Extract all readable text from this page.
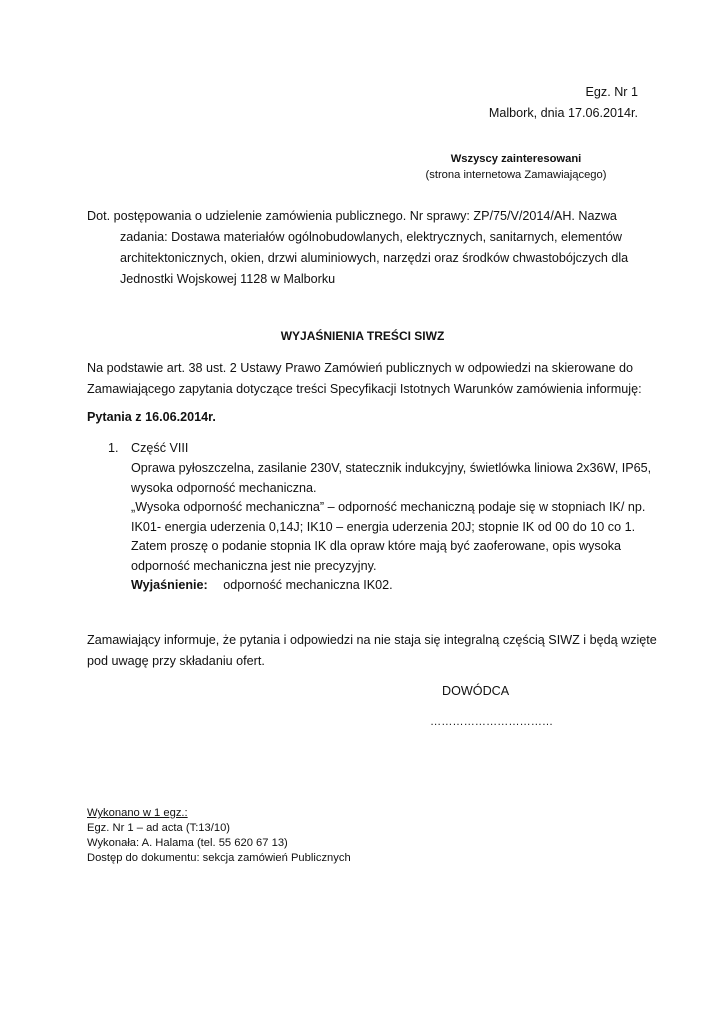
Egz. Nr 1
Malbork, dnia 17.06.2014r.
Wszyscy zainteresowani
(strona internetowa Zamawiającego)
Dot. postępowania o udzielenie zamówienia publicznego. Nr sprawy: ZP/75/V/2014/AH. Nazwa
zadania: Dostawa materiałów ogólnobudowlanych, elektrycznych, sanitarnych, elementów
architektonicznych, okien, drzwi aluminiowych, narzędzi oraz środków chwastobójczych dla
Jednostki Wojskowej 1128 w Malborku
WYJAŚNIENIA TREŚCI SIWZ
Na podstawie art. 38 ust. 2 Ustawy Prawo Zamówień publicznych w odpowiedzi na skierowane do
Zamawiającego zapytania dotyczące treści Specyfikacji Istotnych Warunków zamówienia informuję:
Pytania z 16.06.2014r.
1. Część VIII
Oprawa pyłoszczelna, zasilanie 230V, statecznik indukcyjny, świetlówka liniowa 2x36W, IP65,
wysoka odporność mechaniczna.
„Wysoka odporność mechaniczna” – odporność mechaniczną podaje się w stopniach IK/ np.
IK01- energia uderzenia 0,14J; IK10 – energia uderzenia 20J; stopnie IK od 00 do 10 co 1.
Zatem proszę o podanie stopnia IK dla opraw które mają być zaoferowane, opis wysoka
odporność mechaniczna jest nie precyzyjny.
Wyjaśnienie: odporność mechaniczna IK02.
Zamawiający informuje, że pytania i odpowiedzi na nie staja się integralną częścią SIWZ i będą wzięte
pod uwagę przy składaniu ofert.
DOWÓDCA
……………………………
Wykonano w 1 egz.:
Egz. Nr 1 – ad acta (T:13/10)
Wykonała: A. Halama (tel. 55 620 67 13)
Dostęp do dokumentu: sekcja zamówień Publicznych
